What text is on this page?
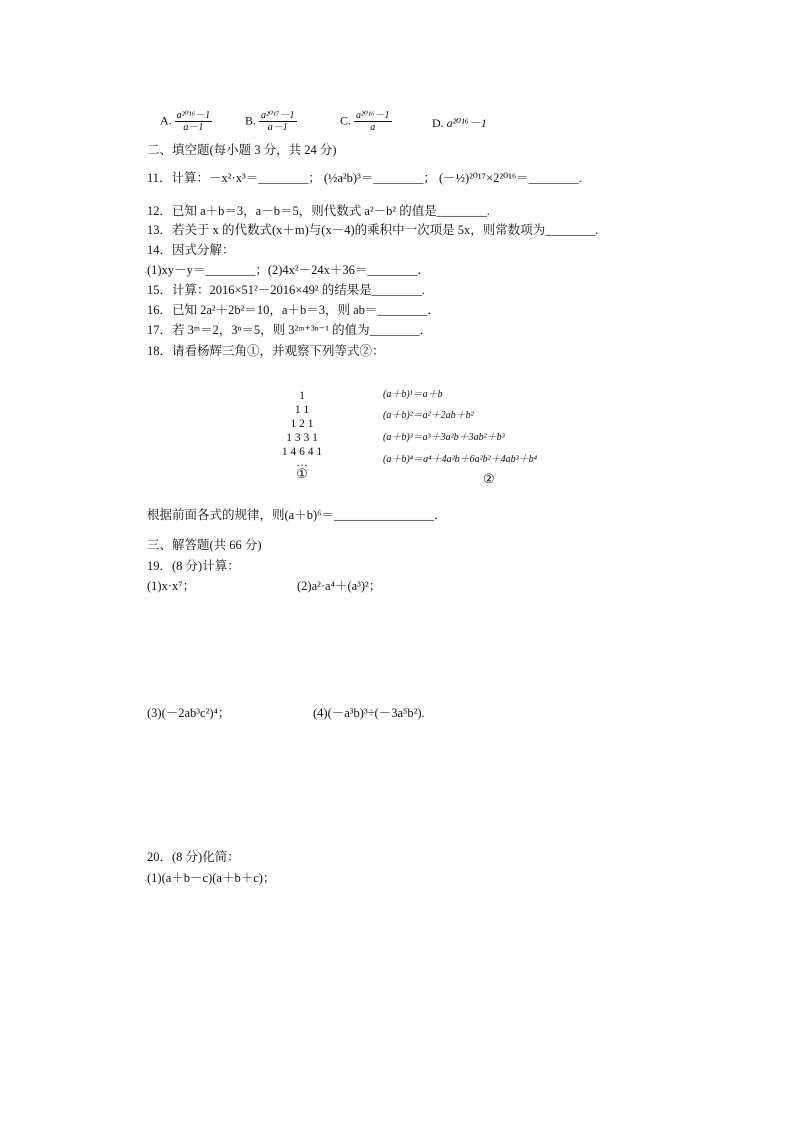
A. $\frac{\text{a²⁰¹⁶－1}}{a-1}$	B. $\frac{\text{a²⁰¹⁷－1}}{a-1}$	C. $\frac{\text{a²⁰¹⁶－1}}{a}$	D. a²⁰¹⁶－1
二、填空题(每小题 3 分，共 24 分)
11．计算：－x²·x³＝________； (½a²b)³＝________； (－½)²⁰¹⁷×2²⁰¹⁶＝________.
12．已知 a＋b＝3，a－b＝5，则代数式 a²－b² 的值是________.
13．若关于 x 的代数式(x＋m)与(x－4)的乘积中一次项是 5x，则常数项为________.
14．因式分解：
(1)xy－y＝________；(2)4x²－24x＋36＝________．
15．计算：2016×51²－2016×49² 的结果是________.
16．已知 2a²＋2b²＝10，a＋b＝3，则 ab＝________．
17．若 3ᵐ＝2，3ⁿ＝5，则 3²ᵐ⁺³ⁿ⁻¹ 的值为________．
18．请看杨辉三角①，并观察下列等式②：
1
1 1
1 2 1
1 3 3 1
1 4 6 4 1
…
①
(a＋b)¹＝a＋b
(a＋b)²＝a²＋2ab＋b²
(a＋b)³＝a³＋3a²b＋3ab²＋b³
(a＋b)⁴＝a⁴＋4a³b＋6a²b²＋4ab³＋b⁴
②
根据前面各式的规律，则(a＋b)⁶＝________________．
三、解答题(共 66 分)
19．(8 分)计算：
(1)x·x⁷；	(2)a²·a⁴＋(a³)²；
(3)(－2ab³c²)⁴；	(4)(－a³b)³÷(－3a⁵b²).
20．(8 分)化简：
(1)(a＋b－c)(a＋b＋c)；
